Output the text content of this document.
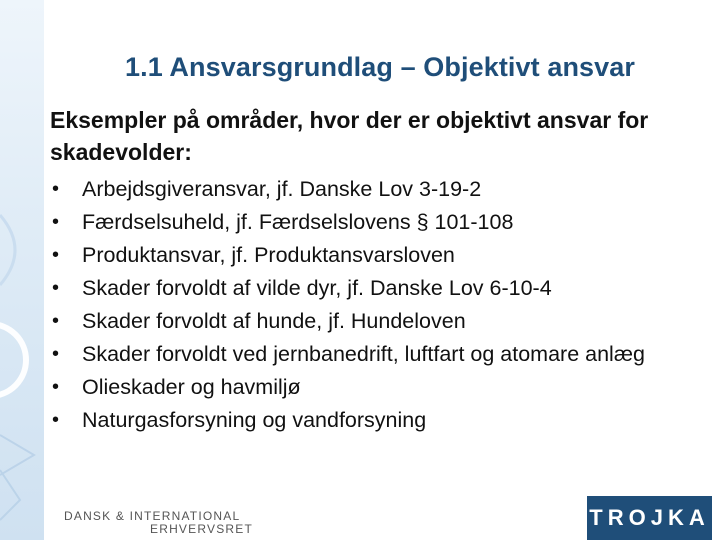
1.1 Ansvarsgrundlag – Objektivt ansvar
Eksempler på områder, hvor der er objektivt ansvar for skadevolder:
•	Arbejdsgiveransvar, jf. Danske Lov 3-19-2
•	Færdselsuheld, jf. Færdselslovens § 101-108
•	Produktansvar, jf. Produktansvarsloven
•	Skader forvoldt af vilde dyr, jf. Danske Lov 6-10-4
•	Skader forvoldt af hunde, jf. Hundeloven
•	Skader forvoldt ved jernbanedrift, luftfart og atomare anlæg
•	Olieskader og havmiljø
•	Naturgasforsyning og vandforsyning
DANSK & INTERNATIONAL
ERHVERVSRET	TROJKA
